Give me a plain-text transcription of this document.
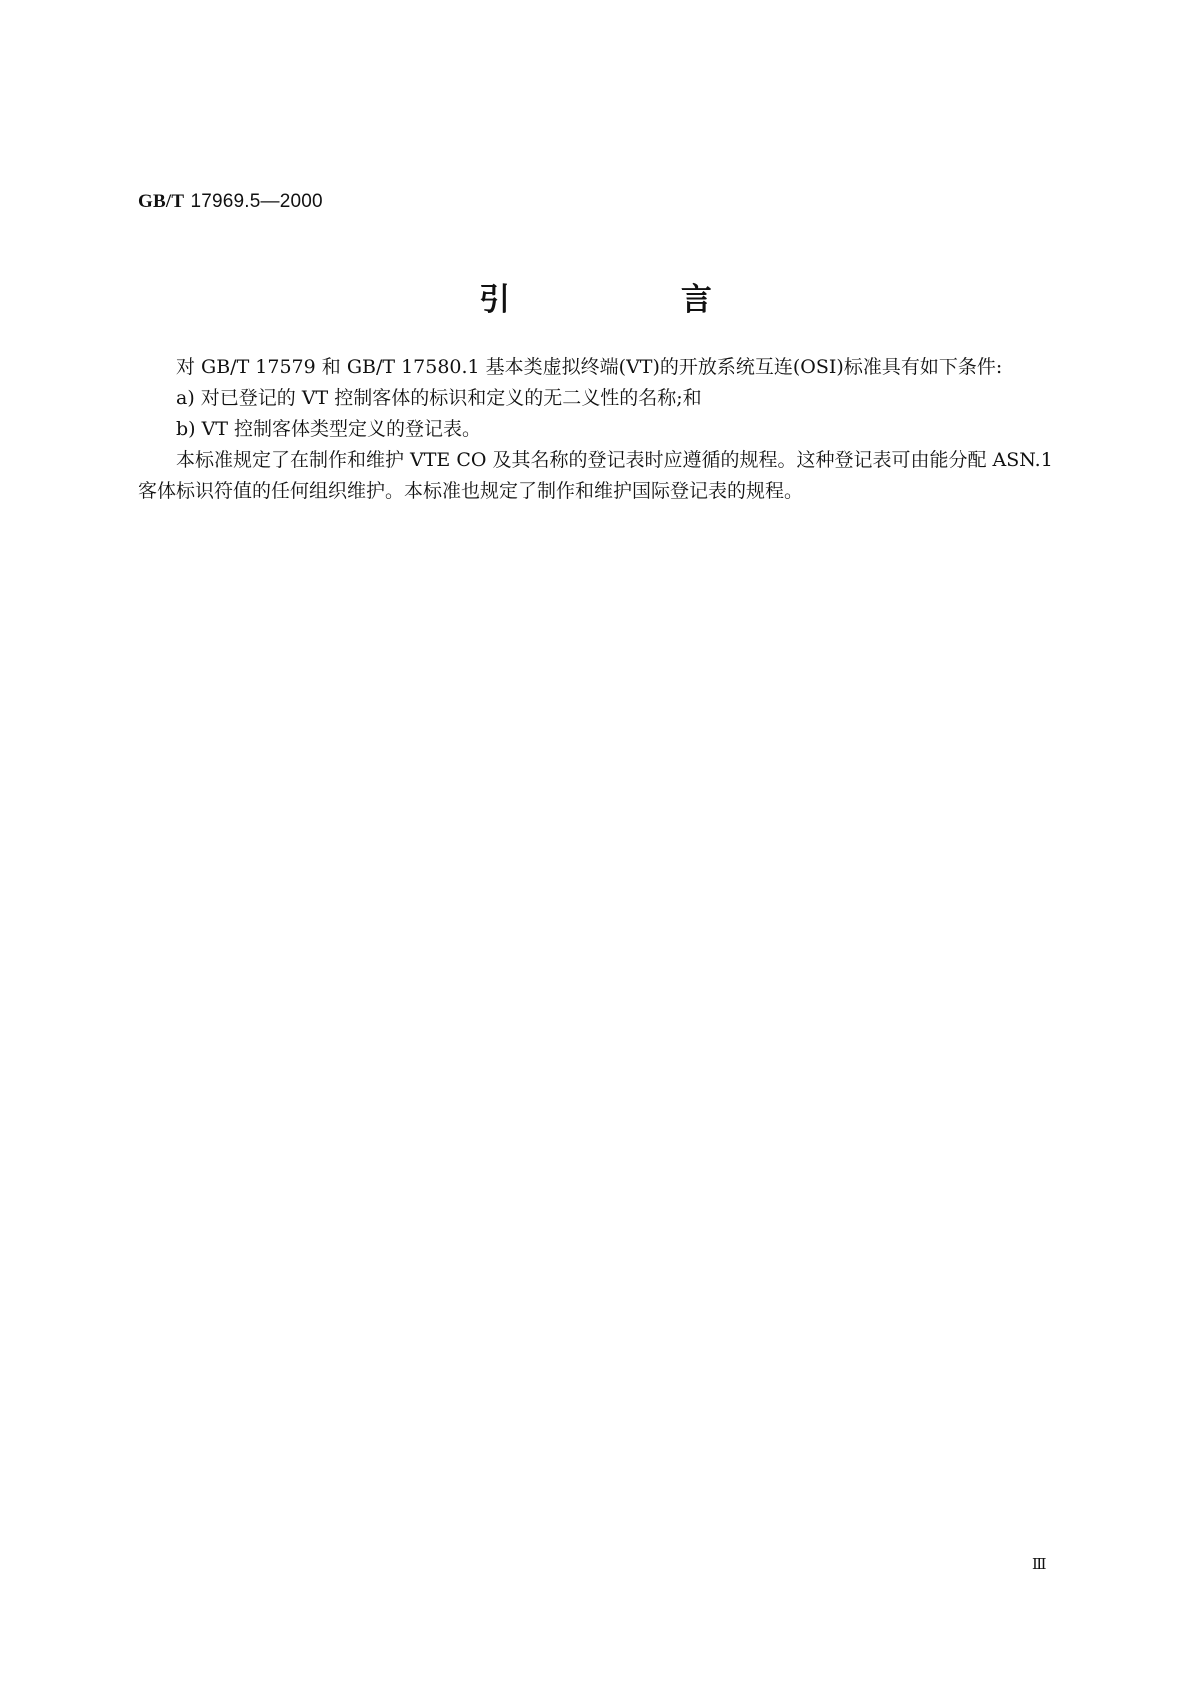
GB/T 17969.5—2000
引 言

对 GB/T 17579 和 GB/T 17580.1 基本类虚拟终端(VT)的开放系统互连(OSI)标准具有如下条件:

a) 对已登记的 VT 控制客体的标识和定义的无二义性的名称;和

b) VT 控制客体类型定义的登记表。

本标准规定了在制作和维护 VTE CO 及其名称的登记表时应遵循的规程。这种登记表可由能分配 ASN.1 客体标识符值的任何组织维护。本标准也规定了制作和维护国际登记表的规程。

Ⅲ
